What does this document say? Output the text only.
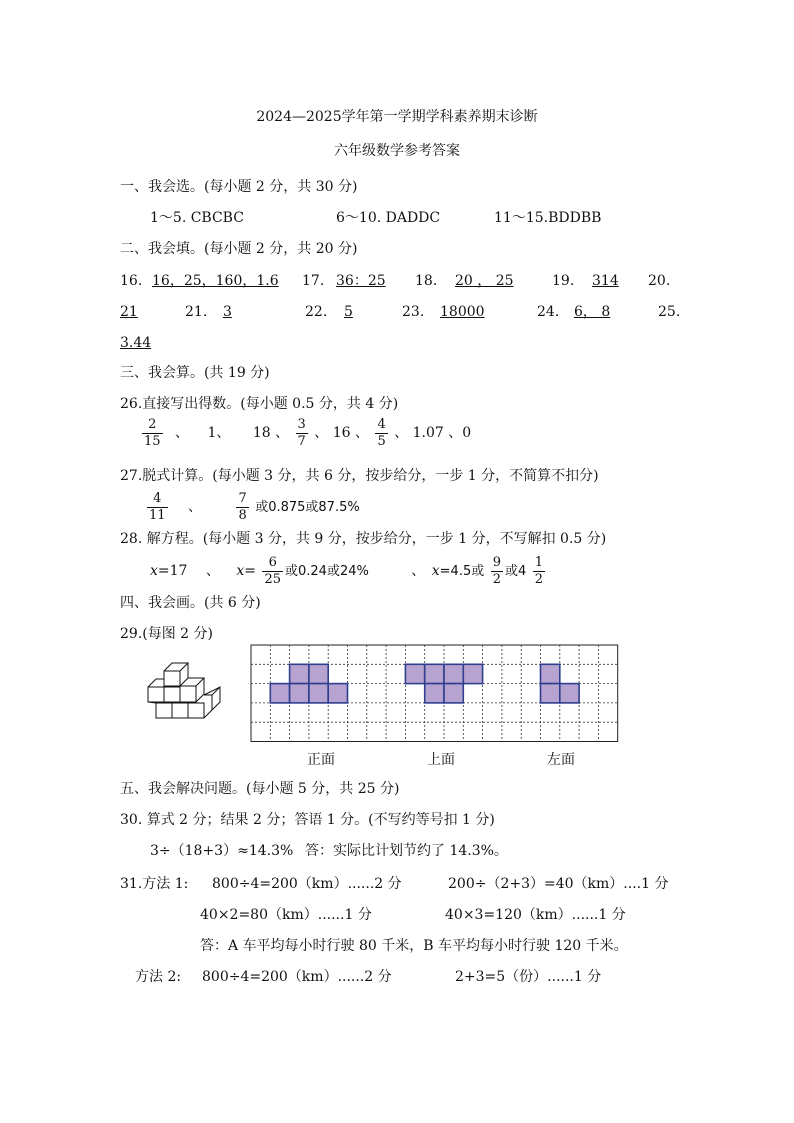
2024—2025学年第一学期学科素养期末诊断
六年级数学参考答案
一、我会选。(每小题 2 分，共 30 分)
1～5. CBCBC	6～10. DADDC	11～15.BDDBB
二、我会填。(每小题 2 分，共 20 分)
16. 16，25，160，1.6 17. 36：25 18. 20 ， 25	19. 314 20.
21	21.	3	22.	5	23. 18000	24.	6， 8	25.
3.44
三、我会算。(共 19 分)
26.直接写出得数。(每小题 0.5 分，共 4 分)
$\frac{2}{15}$ 、 1、 18 、 $\frac{3}{7}$ 、 16 、 $\frac{4}{5}$ 、 1.07 、0
27.脱式计算。(每小题 3 分，共 6 分，按步给分，一步 1 分，不简算不扣分)
$\frac{4}{11}$ 、	$\frac{7}{8}$ 或0.875或87.5%
28. 解方程。(每小题 3 分，共 9 分，按步给分，一步 1 分，不写解扣 0.5 分)
x=17 、 $x= \frac{6}{25}$ 或0.24或24%	、 x=4.5或 $\frac{9}{2}$ 或$4 \frac{1}{2}$
四、我会画。(共 6 分)
29.(每图 2 分)
正面	上面	左面
五、我会解决问题。(每小题 5 分，共 25 分)
30. 算式 2 分；结果 2 分；答语 1 分。(不写约等号扣 1 分)
3÷（18+3）≈14.3% 答：实际比计划节约了 14.3%。
31.方法 1: 800÷4=200（km）......2 分	200÷（2+3）=40（km）....1 分
40×2=80（km）......1 分	40×3=120（km）......1 分
答：A 车平均每小时行驶 80 千米，B 车平均每小时行驶 120 千米。
方法 2: 800÷4=200（km）......2 分	2+3=5（份）......1 分
